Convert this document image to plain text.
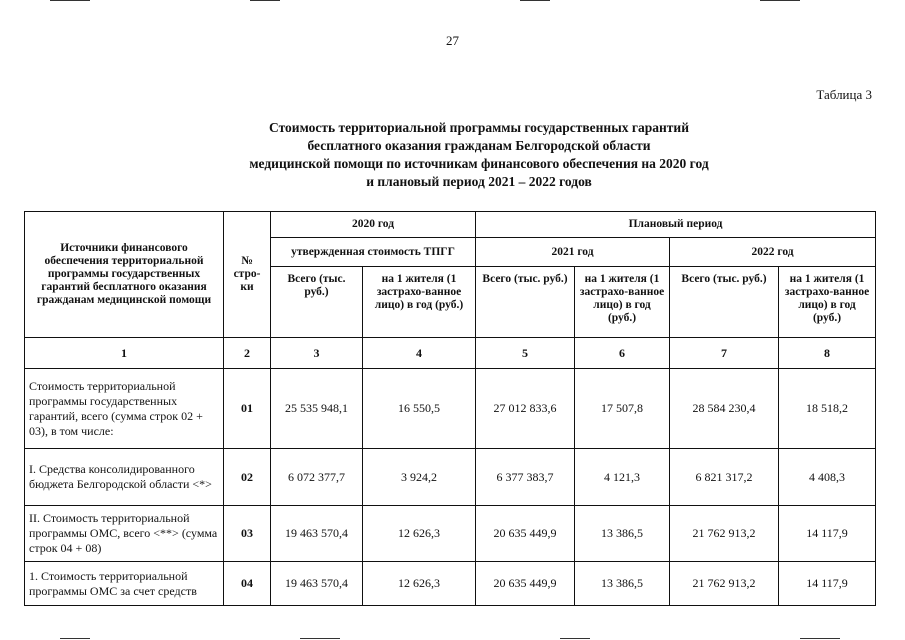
27
Таблица 3
Стоимость территориальной программы государственных гарантий
бесплатного оказания гражданам Белгородской области
медицинской помощи по источникам финансового обеспечения на 2020 год
и плановый период 2021 – 2022 годов
Источники финансового обеспечения территориальной программы государственных гарантий бесплатного оказания гражданам медицинской помощи	№ стро-ки	2020 год		Плановый период			
		утвержденная стоимость ТПГГ		2021 год		2022 год	
		Всего (тыс. руб.)	на 1 жителя (1 застрахо-ванное лицо) в год (руб.)	Всего (тыс. руб.)	на 1 жителя (1 застрахо-ванное лицо) в год (руб.)	Всего (тыс. руб.)	на 1 жителя (1 застрахо-ванное лицо) в год (руб.)
1	2	3	4	5	6	7	8
Стоимость территориальной программы государственных гарантий, всего (сумма строк 02 + 03), в том числе:	01	25 535 948,1	16 550,5	27 012 833,6	17 507,8	28 584 230,4	18 518,2
I. Средства консолидированного бюджета Белгородской области <*>	02	6 072 377,7	3 924,2	6 377 383,7	4 121,3	6 821 317,2	4 408,3
II. Стоимость территориальной программы ОМС, всего <**> (сумма строк 04 + 08)	03	19 463 570,4	12 626,3	20 635 449,9	13 386,5	21 762 913,2	14 117,9
1. Стоимость территориальной программы ОМС за счет средств	04	19 463 570,4	12 626,3	20 635 449,9	13 386,5	21 762 913,2	14 117,9
